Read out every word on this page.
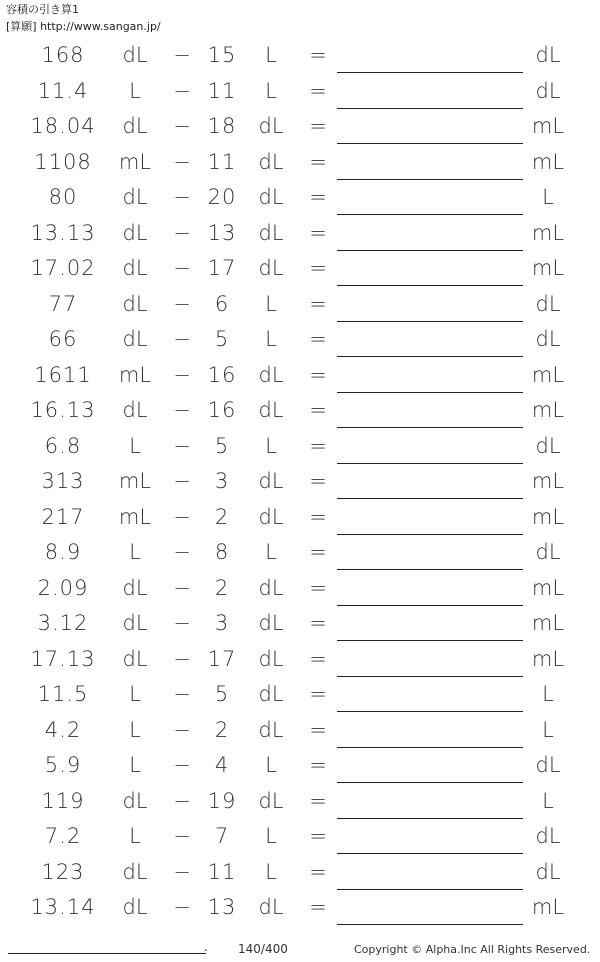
容積の引き算1
[算願] http://www.sangan.jp/
168	dL	− 15	L	=	dL
11.4	L	− 11	L	=	dL
18.04	dL	− 18	dL	=	mL
1108	mL	− 11	dL	=	mL
80	dL	− 20	dL	=	L
13.13	dL	− 13	dL	=	mL
17.02	dL	− 17	dL	=	mL
77	dL	−	6	L	=	dL
66	dL	−	5	L	=	dL
1611	mL	− 16	dL	=	mL
16.13	dL	− 16	dL	=	mL
6.8	L	−	5	L	=	dL
313	mL	−	3	dL	=	mL
217	mL	−	2	dL	=	mL
8.9	L	−	8	L	=	dL
2.09	dL	−	2	dL	=	mL
3.12	dL	−	3	dL	=	mL
17.13	dL	− 17	dL	=	mL
11.5	L	−	5	dL	=	L
4.2	L	−	2	dL	=	L
5.9	L	−	4	L	=	dL
119	dL	− 19	dL	=	L
7.2	L	−	7	L	=	dL
123	dL	− 11	L	=	dL
13.14	dL	− 13	dL	=	mL
.	140/400	Copyright © Alpha.Inc All Rights Reserved.
